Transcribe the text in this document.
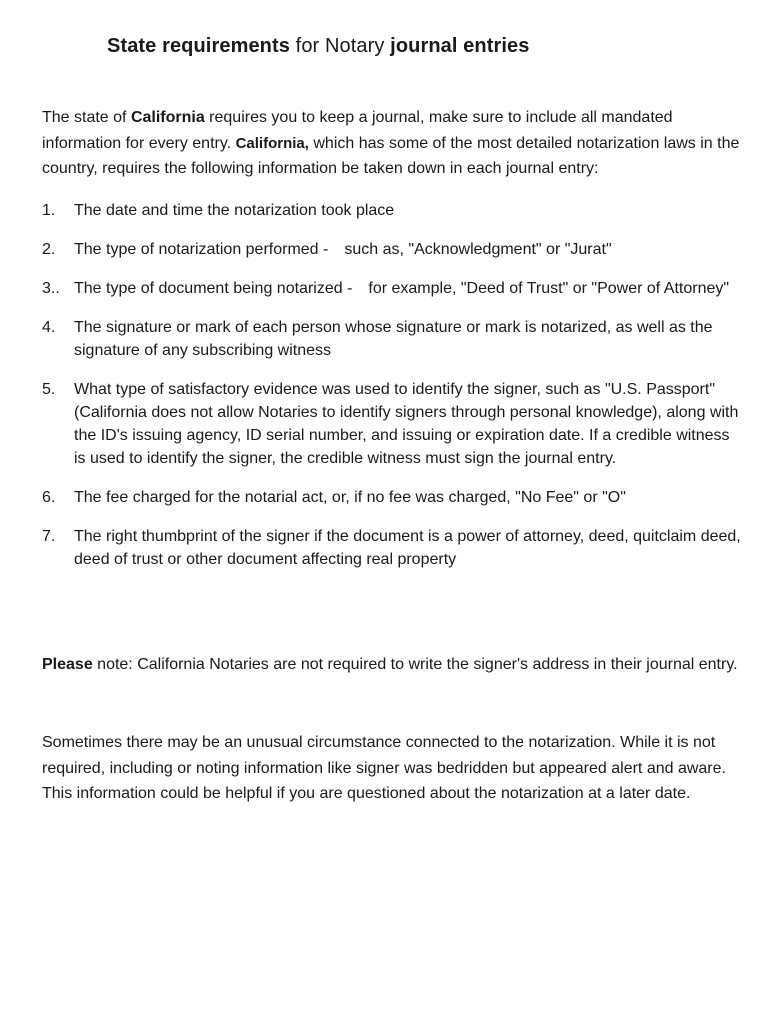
State requirements for Notary journal entries
The state of California requires you to keep a journal, make sure to include all mandated information for every entry. California, which has some of the most detailed notarization laws in the country, requires the following information be taken down in each journal entry:
1. The date and time the notarization took place
2. The type of notarization performed - such as, "Acknowledgment" or "Jurat"
3.. The type of document being notarized - for example, "Deed of Trust" or "Power of Attorney"
4. The signature or mark of each person whose signature or mark is notarized, as well as the signature of any subscribing witness
5. What type of satisfactory evidence was used to identify the signer, such as "U.S. Passport" (California does not allow Notaries to identify signers through personal knowledge), along with the ID's issuing agency, ID serial number, and issuing or expiration date. If a credible witness is used to identify the signer, the credible witness must sign the journal entry.
6. The fee charged for the notarial act, or, if no fee was charged, "No Fee" or "O"
7. The right thumbprint of the signer if the document is a power of attorney, deed, quitclaim deed, deed of trust or other document affecting real property
Please note: California Notaries are not required to write the signer's address in their journal entry.
Sometimes there may be an unusual circumstance connected to the notarization. While it is not required, including or noting information like signer was bedridden but appeared alert and aware. This information could be helpful if you are questioned about the notarization at a later date.
